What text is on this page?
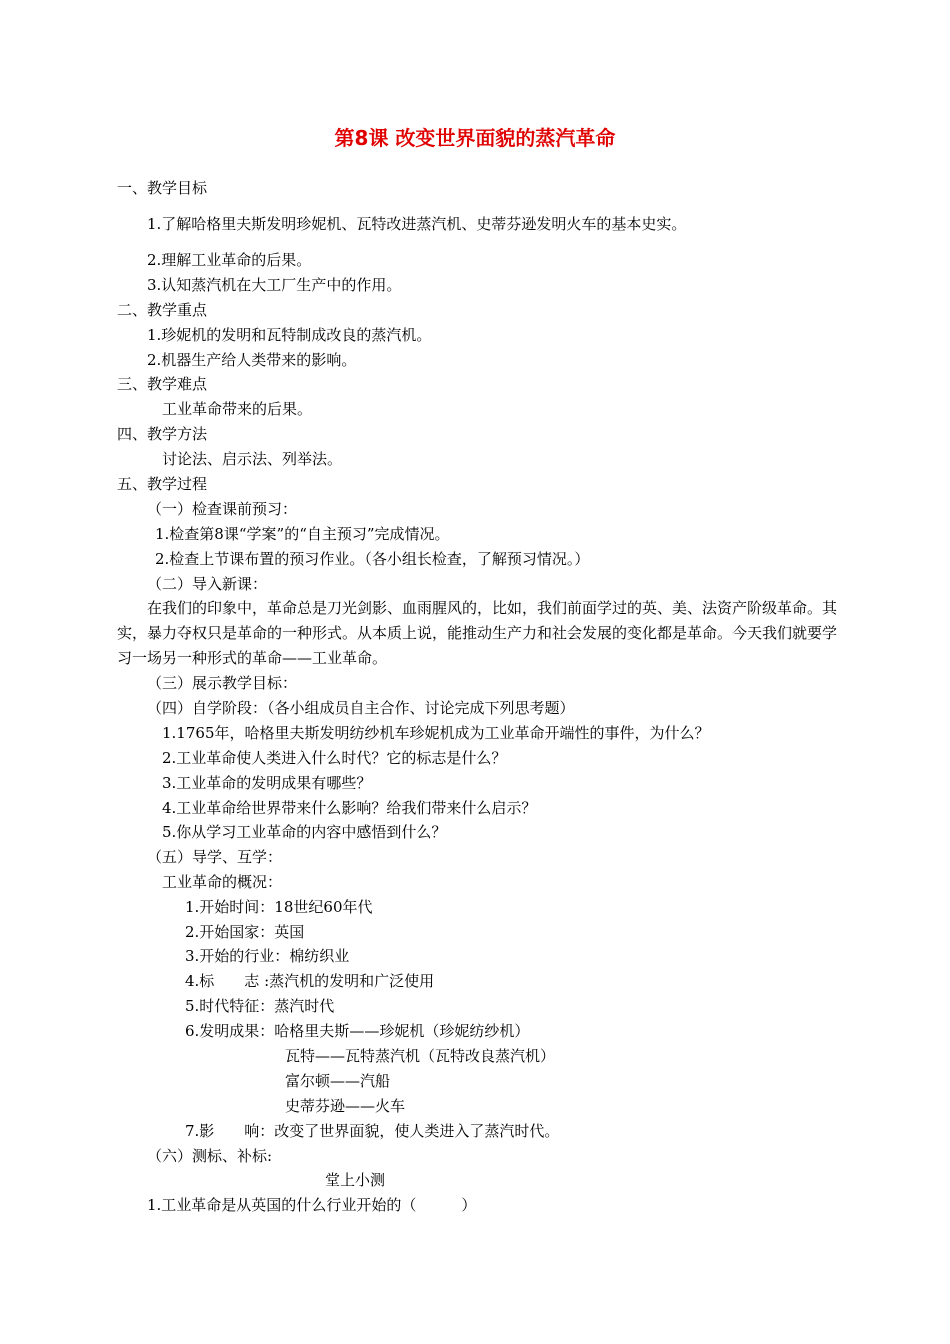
第8课 改变世界面貌的蒸汽革命
一、教学目标
1.了解哈格里夫斯发明珍妮机、瓦特改进蒸汽机、史蒂芬逊发明火车的基本史实。
2.理解工业革命的后果。
3.认知蒸汽机在大工厂生产中的作用。
二、教学重点
1.珍妮机的发明和瓦特制成改良的蒸汽机。
2.机器生产给人类带来的影响。
三、教学难点
工业革命带来的后果。
四、教学方法
讨论法、启示法、列举法。
五、教学过程
（一）检查课前预习：
1.检查第8课“学案”的“自主预习”完成情况。
2.检查上节课布置的预习作业。（各小组长检查，了解预习情况。）
（二）导入新课：
在我们的印象中，革命总是刀光剑影、血雨腥风的，比如，我们前面学过的英、美、法资产阶级革命。其实，暴力夺权只是革命的一种形式。从本质上说，能推动生产力和社会发展的变化都是革命。今天我们就要学习一场另一种形式的革命——工业革命。
（三）展示教学目标：
（四）自学阶段：（各小组成员自主合作、讨论完成下列思考题）
1.1765年，哈格里夫斯发明纺纱机车珍妮机成为工业革命开端性的事件，为什么？
2.工业革命使人类进入什么时代？它的标志是什么？
3.工业革命的发明成果有哪些？
4.工业革命给世界带来什么影响？给我们带来什么启示？
5.你从学习工业革命的内容中感悟到什么？
（五）导学、互学：
工业革命的概况：
1.开始时间：18世纪60年代
2.开始国家：英国
3.开始的行业：棉纺织业
4.标　　志 :蒸汽机的发明和广泛使用
5.时代特征：蒸汽时代
6.发明成果：哈格里夫斯——珍妮机（珍妮纺纱机）
瓦特——瓦特蒸汽机（瓦特改良蒸汽机）
富尔顿——汽船
史蒂芬逊——火车
7.影　　响：改变了世界面貌，使人类进入了蒸汽时代。
（六）测标、补标:
堂上小测
1.工业革命是从英国的什么行业开始的（　　　）
